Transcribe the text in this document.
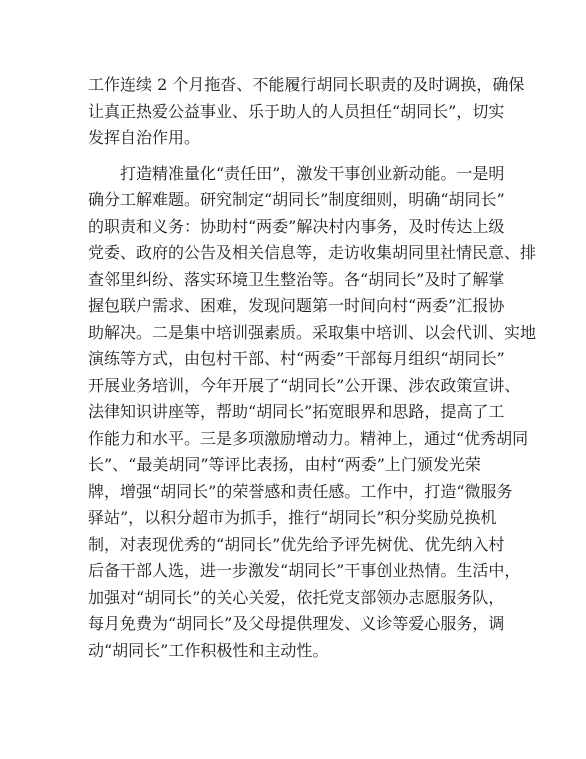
工作连续 2 个月拖沓、不能履行胡同长职责的及时调换，确保
让真正热爱公益事业、乐于助人的人员担任“胡同长”，切实
发挥自治作用。
打造精准量化“责任田”，激发干事创业新动能。一是明
确分工解难题。研究制定“胡同长”制度细则，明确“胡同长”
的职责和义务：协助村“两委”解决村内事务，及时传达上级
党委、政府的公告及相关信息等，走访收集胡同里社情民意、排
查邻里纠纷、落实环境卫生整治等。各“胡同长”及时了解掌
握包联户需求、困难，发现问题第一时间向村“两委”汇报协
助解决。二是集中培训强素质。采取集中培训、以会代训、实地
演练等方式，由包村干部、村“两委”干部每月组织“胡同长”
开展业务培训，今年开展了“胡同长”公开课、涉农政策宣讲、
法律知识讲座等，帮助“胡同长”拓宽眼界和思路，提高了工
作能力和水平。三是多项激励增动力。精神上，通过“优秀胡同
长”、“最美胡同”等评比表扬，由村“两委”上门颁发光荣
牌，增强“胡同长”的荣誉感和责任感。工作中，打造“微服务
驿站”，以积分超市为抓手，推行“胡同长”积分奖励兑换机
制，对表现优秀的“胡同长”优先给予评先树优、优先纳入村
后备干部人选，进一步激发“胡同长”干事创业热情。生活中，
加强对“胡同长”的关心关爱，依托党支部领办志愿服务队，
每月免费为“胡同长”及父母提供理发、义诊等爱心服务，调
动“胡同长”工作积极性和主动性。
